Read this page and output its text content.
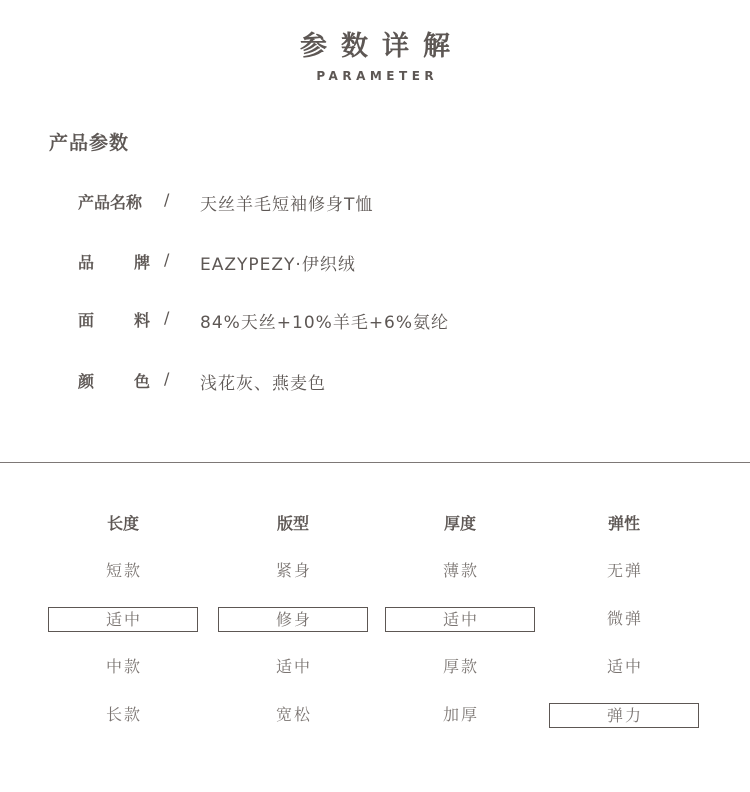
参数详解
PARAMETER
产品参数
产品名称 / 天丝羊毛短袖修身T恤
品 牌 / EAZYPEZY·伊织绒
面 料 / 84%天丝+10%羊毛+6%氨纶
颜 色 / 浅花灰、燕麦色
长度
短款
适中
中款
长款
版型
紧身
修身
适中
宽松
厚度
薄款
适中
厚款
加厚
弹性
无弹
微弹
适中
弹力
